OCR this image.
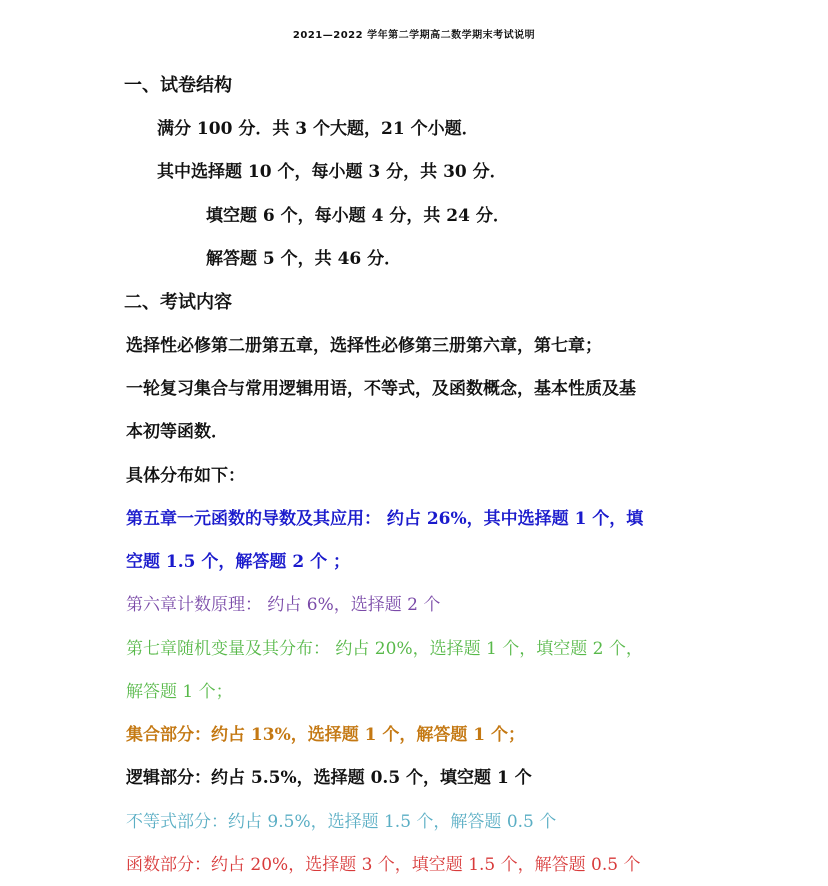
2021—2022 学年第二学期高二数学期末考试说明
一、试卷结构
满分 100 分．共 3 个大题，21 个小题．
其中选择题 10 个，每小题 3 分，共 30 分．
填空题 6 个，每小题 4 分，共 24 分．
解答题 5 个，共 46 分．
二、考试内容
选择性必修第二册第五章，选择性必修第三册第六章，第七章；
一轮复习集合与常用逻辑用语，不等式，及函数概念，基本性质及基
本初等函数．
具体分布如下：
第五章一元函数的导数及其应用： 约占 26%，其中选择题 1 个，填
空题 1.5 个，解答题 2 个 ；
第六章计数原理： 约占 6%，选择题 2 个
第七章随机变量及其分布： 约占 20%，选择题 1 个，填空题 2 个，
解答题 1 个；
集合部分：约占 13%，选择题 1 个，解答题 1 个；
逻辑部分：约占 5.5%，选择题 0.5 个，填空题 1 个
不等式部分：约占 9.5%，选择题 1.5 个，解答题 0.5 个
函数部分：约占 20%，选择题 3 个，填空题 1.5 个，解答题 0.5 个
